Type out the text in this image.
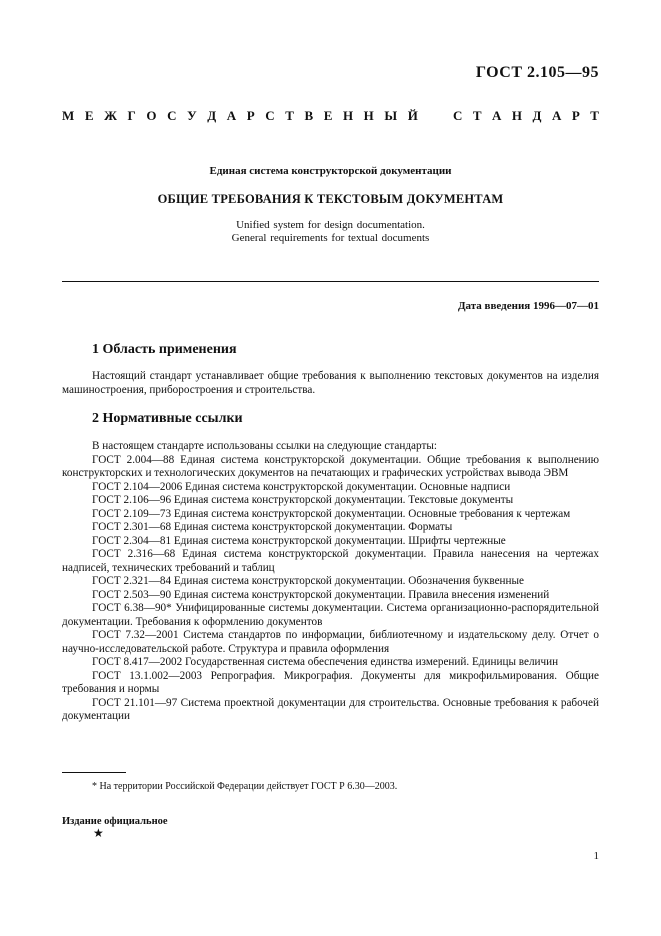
ГОСТ 2.105—95
М Е Ж Г О С У Д А Р С Т В Е Н Н Ы Й	С Т А Н Д А Р Т
Единая система конструкторской документации
ОБЩИЕ ТРЕБОВАНИЯ К ТЕКСТОВЫМ ДОКУМЕНТАМ
Unified system for design documentation.
General requirements for textual documents
Дата введения 1996—07—01
1 Область применения
Настоящий стандарт устанавливает общие требования к выполнению текстовых документов на изделия машиностроения, приборостроения и строительства.
2 Нормативные ссылки

В настоящем стандарте использованы ссылки на следующие стандарты:

ГОСТ 2.004—88 Единая система конструкторской документации. Общие требования к выполнению конструкторских и технологических документов на печатающих и графических устройствах вывода ЭВМ

ГОСТ 2.104—2006 Единая система конструкторской документации. Основные надписи

ГОСТ 2.106—96 Единая система конструкторской документации. Текстовые документы

ГОСТ 2.109—73 Единая система конструкторской документации. Основные требования к чертежам

ГОСТ 2.301—68 Единая система конструкторской документации. Форматы

ГОСТ 2.304—81 Единая система конструкторской документации. Шрифты чертежные

ГОСТ 2.316—68 Единая система конструкторской документации. Правила нанесения на чертежах надписей, технических требований и таблиц

ГОСТ 2.321—84 Единая система конструкторской документации. Обозначения буквенные

ГОСТ 2.503—90 Единая система конструкторской документации. Правила внесения изменений

ГОСТ 6.38—90* Унифицированные системы документации. Система организационно-распорядительной документации. Требования к оформлению документов

ГОСТ 7.32—2001 Система стандартов по информации, библиотечному и издательскому делу. Отчет о научно-исследовательской работе. Структура и правила оформления

ГОСТ 8.417—2002 Государственная система обеспечения единства измерений. Единицы величин

ГОСТ 13.1.002—2003 Репрография. Микрография. Документы для микрофильмирования. Общие требования и нормы

ГОСТ 21.101—97 Система проектной документации для строительства. Основные требования к рабочей документации

* На территории Российской Федерации действует ГОСТ Р 6.30—2003.
Издание официальное
★
1
